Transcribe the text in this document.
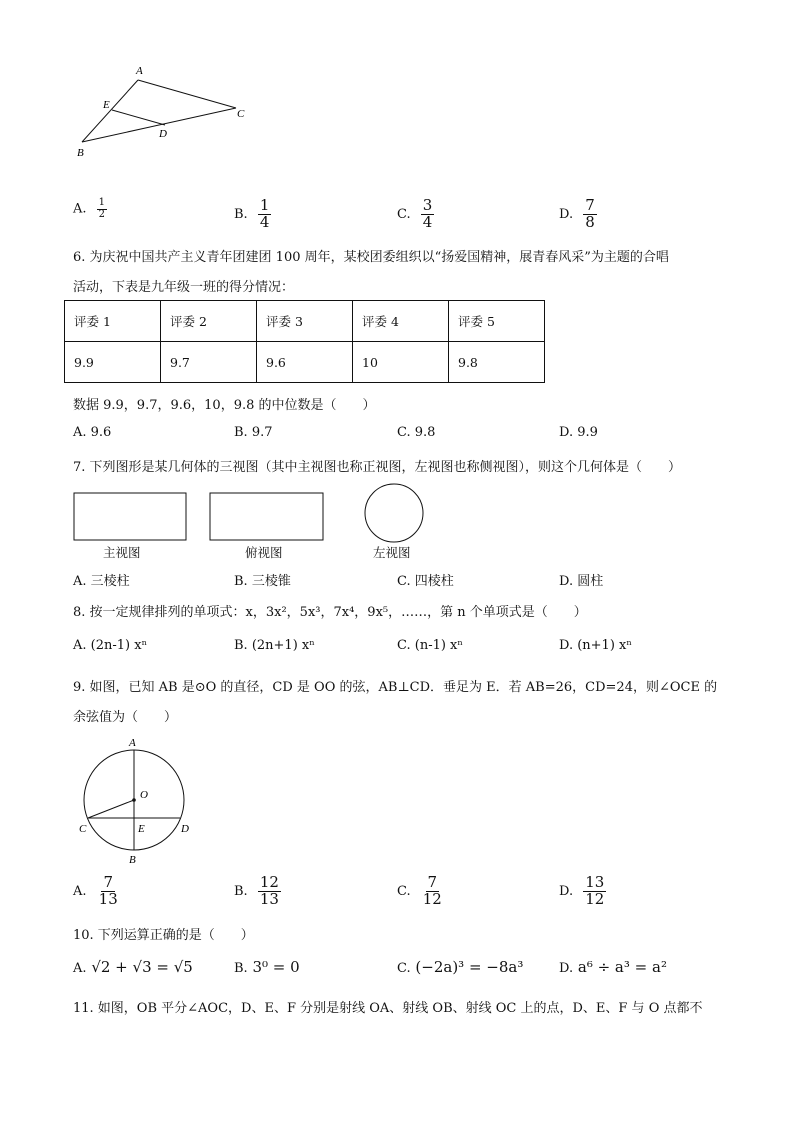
A
E
D
C
B
A. $\frac{1}{2}$	B. $\frac{1}{4}$	C. $\frac{3}{4}$	D. $\frac{7}{8}$
6. 为庆祝中国共产主义青年团建团 100 周年，某校团委组织以“扬爱国精神，展青春风采”为主题的合唱
活动，下表是九年级一班的得分情况：
评委 1	评委 2	评委 3	评委 4	评委 5
9.9	9.7	9.6	10	9.8
数据 9.9，9.7，9.6，10，9.8 的中位数是（　　）
A. 9.6	B. 9.7	C. 9.8	D. 9.9
7. 下列图形是某几何体的三视图（其中主视图也称正视图，左视图也称侧视图），则这个几何体是（　　）
主视图	俯视图	左视图
A. 三棱柱	B. 三棱锥	C. 四棱柱	D. 圆柱
8. 按一定规律排列的单项式：x，3x²，5x³，7x⁴，9x⁵，……，第 n 个单项式是（　　）
A. (2n-1) xⁿ	B. (2n+1) xⁿ	C. (n-1) xⁿ	D. (n+1) xⁿ
9. 如图，已知 AB 是⊙O 的直径，CD 是 OO 的弦，AB⊥CD．垂足为 E．若 AB=26，CD=24，则∠OCE 的
余弦值为（　　）
A
O
C	E	D
B
A. $\frac{7}{13}$	B. $\frac{12}{13}$	C. $\frac{7}{12}$	D. $\frac{13}{12}$
10. 下列运算正确的是（　　）
A. √2 + √3 = √5	B. 3⁰ = 0	C. (−2a)³ = −8a³	D. a⁶ ÷ a³ = a²
11. 如图，OB 平分∠AOC，D、E、F 分别是射线 OA、射线 OB、射线 OC 上的点，D、E、F 与 O 点都不
